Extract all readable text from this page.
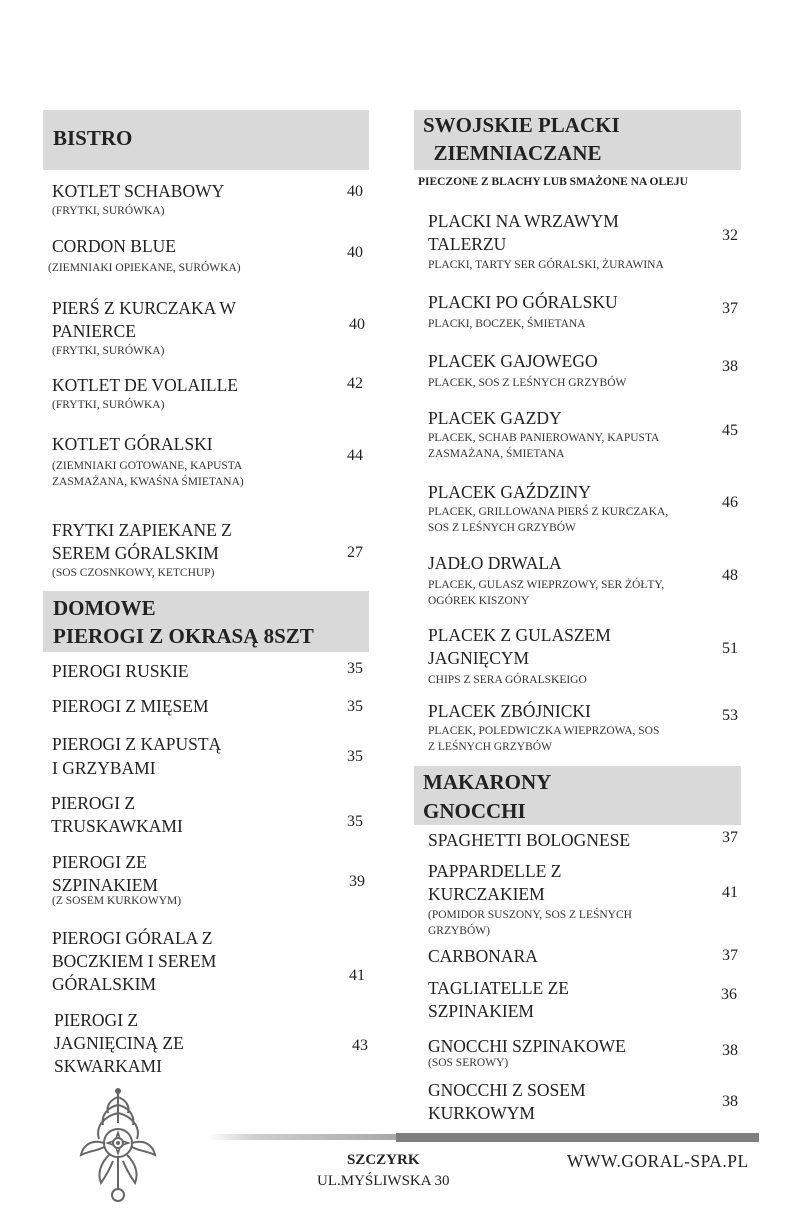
BISTRO
KOTLET SCHABOWY
(FRYTKI, SURÓWKA)
40
CORDON BLUE
(ZIEMNIAKI OPIEKANE, SURÓWKA)
40
PIERŚ Z KURCZAKA W
PANIERCE
(FRYTKI, SURÓWKA)
40
KOTLET DE VOLAILLE
(FRYTKI, SURÓWKA)
42
KOTLET GÓRALSKI
(ZIEMNIAKI GOTOWANE, KAPUSTA
ZASMAŻANA, KWAŚNA ŚMIETANA)
44
FRYTKI ZAPIEKANE Z
SEREM GÓRALSKIM
(SOS CZOSNKOWY, KETCHUP)
27
DOMOWE
PIEROGI Z OKRASĄ 8SZT
PIEROGI RUSKIE	35
PIEROGI Z MIĘSEM	35
PIEROGI Z KAPUSTĄ
I GRZYBAMI
35
PIEROGI Z
TRUSKAWKAMI	35
PIEROGI ZE
SZPINAKIEM
(Z SOSEM KURKOWYM)
39
PIEROGI GÓRALA Z
BOCZKIEM I SEREM
GÓRALSKIM	41
PIEROGI Z
JAGNIĘCINĄ ZE
SKWARKAMI
43
SWOJSKIE PLACKI
ZIEMNIACZANE
PIECZONE Z BLACHY LUB SMAŻONE NA OLEJU
PLACKI NA WRZAWYM
TALERZU
PLACKI, TARTY SER GÓRALSKI, ŻURAWINA
32
PLACKI PO GÓRALSKU
PLACKI, BOCZEK, ŚMIETANA
37
PLACEK GAJOWEGO
PLACEK, SOS Z LEŚNYCH GRZYBÓW
38
PLACEK GAZDY
PLACEK, SCHAB PANIEROWANY, KAPUSTA
ZASMAŻANA, ŚMIETANA
45
PLACEK GAŹDZINY
PLACEK, GRILLOWANA PIERŚ Z KURCZAKA,
SOS Z LEŚNYCH GRZYBÓW
46
JADŁO DRWALA
PLACEK, GULASZ WIEPRZOWY, SER ŻÓŁTY,
OGÓREK KISZONY
48
PLACEK Z GULASZEM
JAGNIĘCYM
CHIPS Z SERA GÓRALSKEIGO
51
PLACEK ZBÓJNICKI
PLACEK, POLEDWICZKA WIEPRZOWA, SOS
Z LEŚNYCH GRZYBÓW
53
MAKARONY
GNOCCHI
SPAGHETTI BOLOGNESE	37
PAPPARDELLE Z
KURCZAKIEM
(POMIDOR SUSZONY, SOS Z LEŚNYCH
GRZYBÓW)
41
CARBONARA	37
TAGLIATELLE ZE
SZPINAKIEM
36
GNOCCHI SZPINAKOWE
(SOS SEROWY)
38
GNOCCHI Z SOSEM
KURKOWYM
38
SZCZYRK
UL.MYŚLIWSKA 30
WWW.GORAL-SPA.PL
